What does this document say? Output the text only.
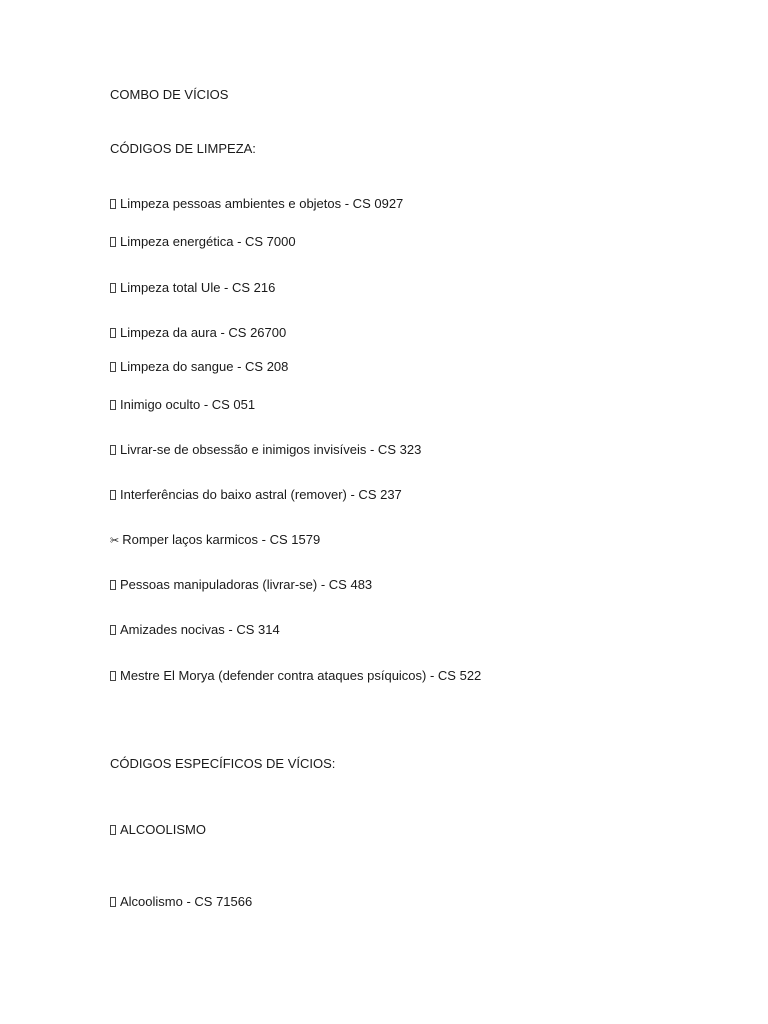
COMBO DE VÍCIOS
CÓDIGOS DE LIMPEZA:
Limpeza pessoas ambientes e objetos - CS 0927
Limpeza energética - CS 7000
Limpeza total Ule - CS 216
Limpeza da aura - CS 26700
Limpeza do sangue - CS 208
Inimigo oculto - CS 051
Livrar-se de obsessão e inimigos invisíveis - CS 323
Interferências do baixo astral (remover) - CS 237
✂ Romper laços karmicos - CS 1579
Pessoas manipuladoras (livrar-se) - CS 483
Amizades nocivas - CS 314
Mestre El Morya (defender contra ataques psíquicos) - CS 522
CÓDIGOS ESPECÍFICOS DE VÍCIOS:
ALCOOLISMO
Alcoolismo - CS 71566
